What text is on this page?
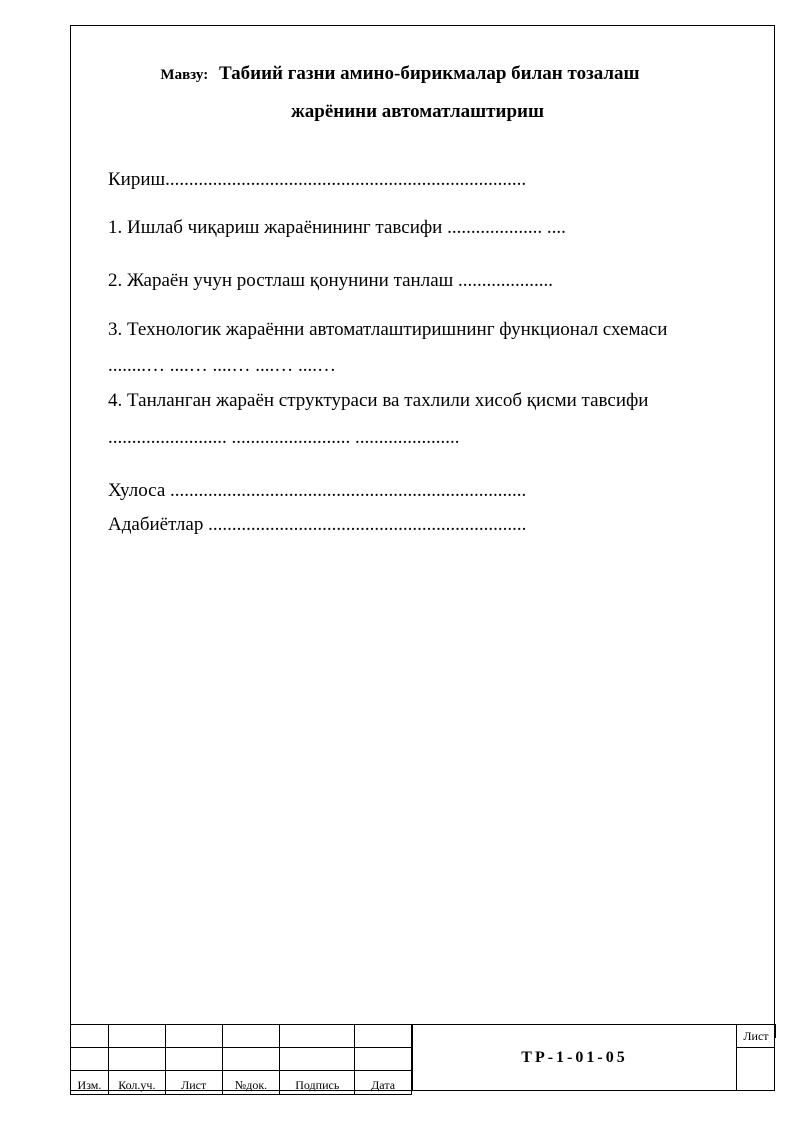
Мавзу: Табиий газни амино-бирикмалар билан тозалаш
жарёнини автоматлаштириш
Кириш............................................................................
1. Ишлаб чиқариш жараёнининг тавсифи .................... ....
2. Жараён учун ростлаш қонунини танлаш ....................
3. Технологик жараённи автоматлаштиришнинг функционал схемаси
........… ....… ....… ....… ....…
4. Танланган жараён структураси ва тахлили хисоб қисми тавсифи
......................... ......................... ......................
Хулоса ...........................................................................
Адабиётлар ...................................................................

Изм.	Кол.уч.	Лист	№док.	Подпись	Дата
ТР-1-01-05
Лист
